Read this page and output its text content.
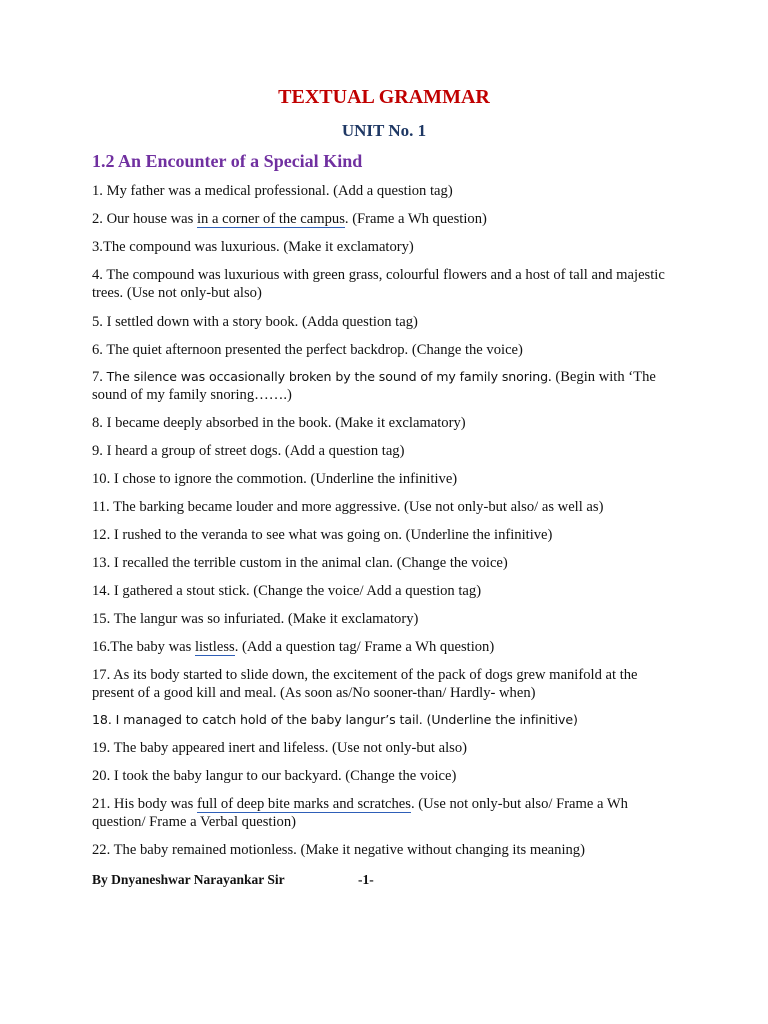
TEXTUAL GRAMMAR
UNIT No. 1
1.2 An Encounter of a Special Kind
1. My father was a medical professional. (Add a question tag)
2. Our house was in a corner of the campus. (Frame a Wh question)
3.The compound was luxurious. (Make it exclamatory)
4. The compound was luxurious with green grass, colourful flowers and a host of tall and majestic trees. (Use not only-but also)
5. I settled down with a story book. (Adda question tag)
6. The quiet afternoon presented the perfect backdrop. (Change the voice)
7. The silence was occasionally broken by the sound of my family snoring. (Begin with ‘The sound of my family snoring…….)
8. I became deeply absorbed in the book. (Make it exclamatory)
9. I heard a group of street dogs. (Add a question tag)
10. I chose to ignore the commotion. (Underline the infinitive)
11. The barking became louder and more aggressive. (Use not only-but also/ as well as)
12. I rushed to the veranda to see what was going on. (Underline the infinitive)
13. I recalled the terrible custom in the animal clan. (Change the voice)
14. I gathered a stout stick. (Change the voice/ Add a question tag)
15. The langur was so infuriated. (Make it exclamatory)
16.The baby was listless. (Add a question tag/ Frame a Wh question)
17. As its body started to slide down, the excitement of the pack of dogs grew manifold at the present of a good kill and meal. (As soon as/No sooner-than/ Hardly- when)
18. I managed to catch hold of the baby langur’s tail. (Underline the infinitive)
19. The baby appeared inert and lifeless. (Use not only-but also)
20. I took the baby langur to our backyard. (Change the voice)
21. His body was full of deep bite marks and scratches. (Use not only-but also/ Frame a Wh question/ Frame a Verbal question)
22. The baby remained motionless. (Make it negative without changing its meaning)
By Dnyaneshwar Narayankar Sir	-1-
